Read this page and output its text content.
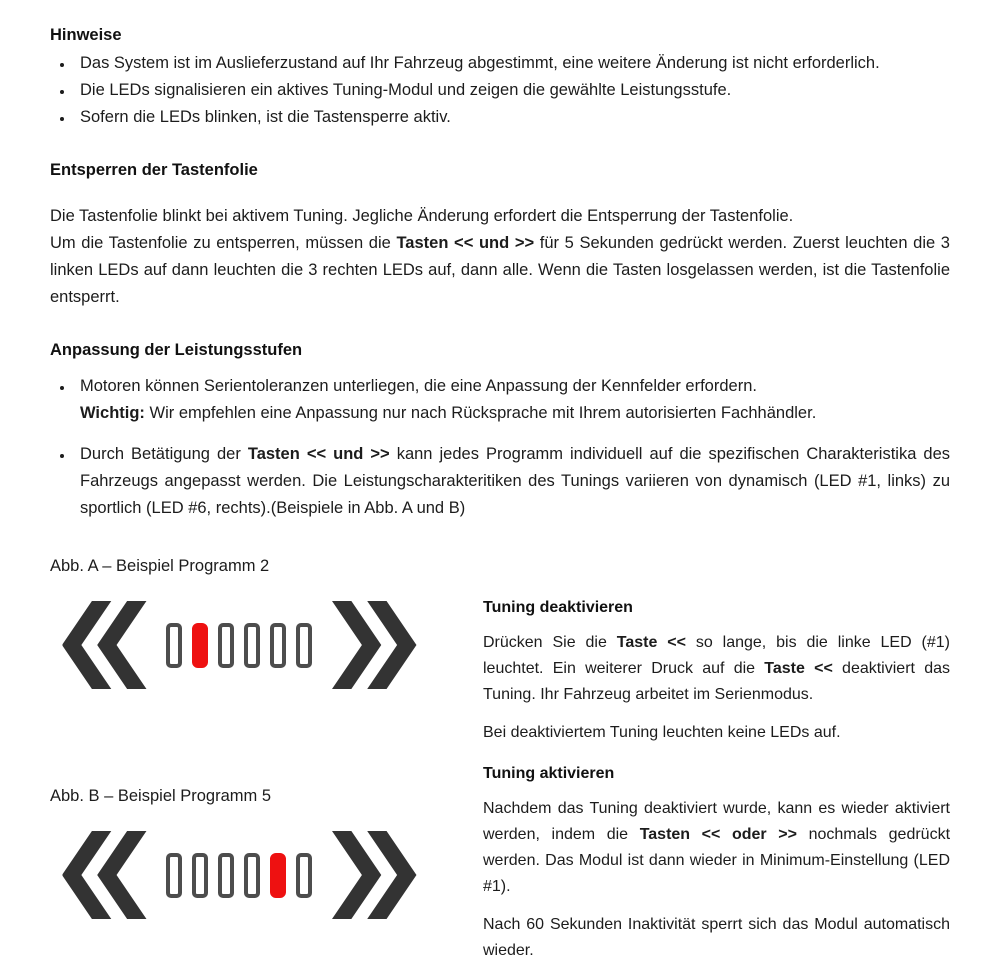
Hinweise

• Das System ist im Auslieferzustand auf Ihr Fahrzeug abgestimmt, eine weitere Änderung ist nicht erforderlich.
• Die LEDs signalisieren ein aktives Tuning-Modul und zeigen die gewählte Leistungsstufe.
• Sofern die LEDs blinken, ist die Tastensperre aktiv.

Entsperren der Tastenfolie

Die Tastenfolie blinkt bei aktivem Tuning. Jegliche Änderung erfordert die Entsperrung der Tastenfolie.

Um die Tastenfolie zu entsperren, müssen die Tasten << und >> für 5 Sekunden gedrückt werden. Zuerst leuchten die 3 linken LEDs auf dann leuchten die 3 rechten LEDs auf, dann alle. Wenn die Tasten losgelassen werden, ist die Tastenfolie entsperrt.

Anpassung der Leistungsstufen

• Motoren können Serientoleranzen unterliegen, die eine Anpassung der Kennfelder erfordern.
Wichtig: Wir empfehlen eine Anpassung nur nach Rücksprache mit Ihrem autorisierten Fachhändler.
• Durch Betätigung der Tasten << und >> kann jedes Programm individuell auf die spezifischen Charakteristika des Fahrzeugs angepasst werden. Die Leistungscharakteritiken des Tunings variieren von dynamisch (LED #1, links) zu sportlich (LED #6, rechts).(Beispiele in Abb. A und B)

Abb. A – Beispiel Programm 2

Abb. B – Beispiel Programm 5

Tuning deaktivieren

Drücken Sie die Taste << so lange, bis die linke LED (#1) leuchtet. Ein weiterer Druck auf die Taste << deaktiviert das Tuning. Ihr Fahrzeug arbeitet im Serienmodus.

Bei deaktiviertem Tuning leuchten keine LEDs auf.

Tuning aktivieren

Nachdem das Tuning deaktiviert wurde, kann es wieder aktiviert werden, indem die Tasten << oder >> nochmals gedrückt werden. Das Modul ist dann wieder in Minimum-Einstellung (LED #1).

Nach 60 Sekunden Inaktivität sperrt sich das Modul automatisch wieder.
